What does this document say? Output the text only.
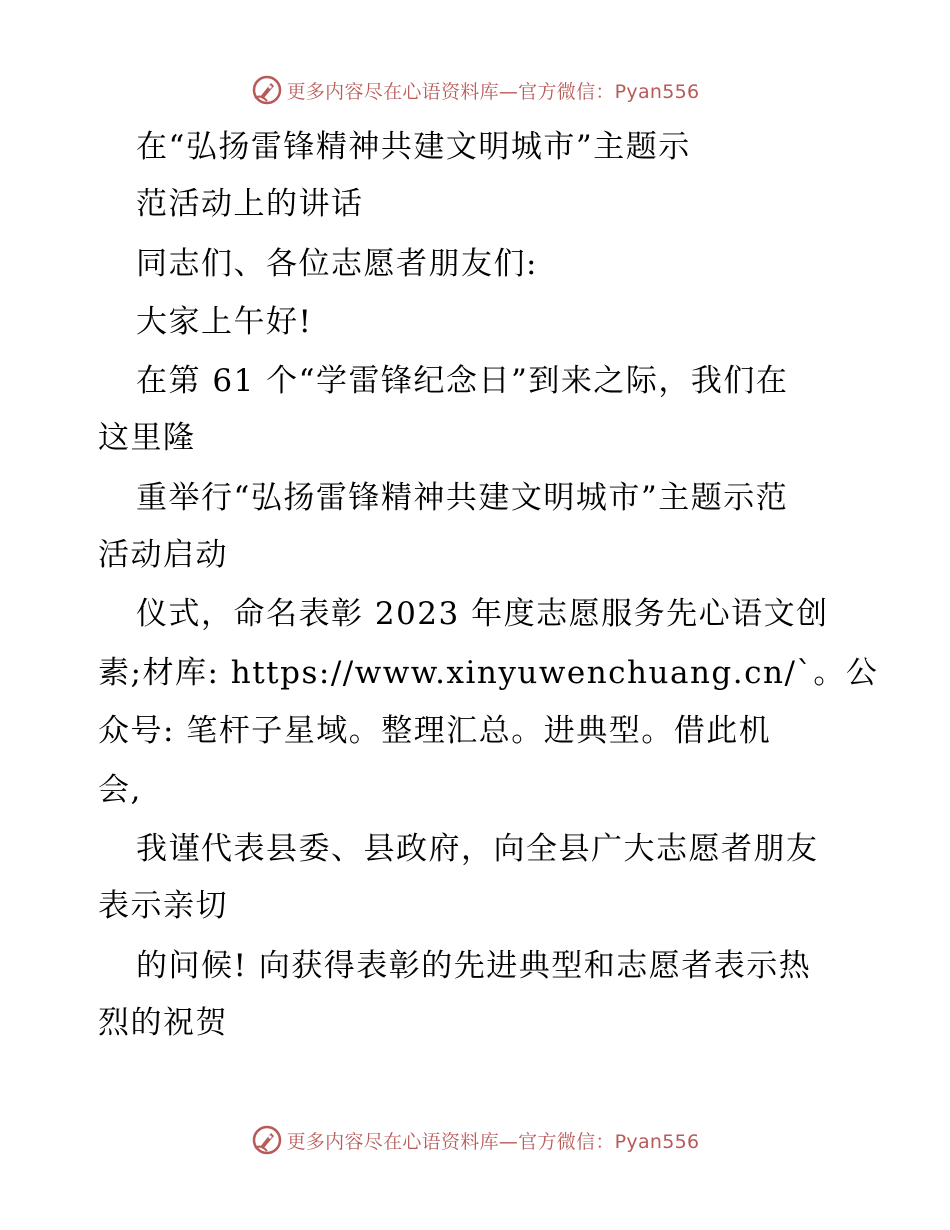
更多内容尽在心语资料库—官方微信：Pyan556
在“弘扬雷锋精神共建文明城市”主题示
范活动上的讲话
同志们、各位志愿者朋友们:
大家上午好!
在第 61 个“学雷锋纪念日”到来之际，我们在
这里隆
重举行“弘扬雷锋精神共建文明城市”主题示范
活动启动
仪式，命名表彰 2023 年度志愿服务先心语文创
素;材库: https://www.xinyuwenchuang.cn/`。公
众号: 笔杆子星域。整理汇总。进典型。借此机
会,
我谨代表县委、县政府，向全县广大志愿者朋友
表示亲切
的问候! 向获得表彰的先进典型和志愿者表示热
烈的祝贺
更多内容尽在心语资料库—官方微信：Pyan556
